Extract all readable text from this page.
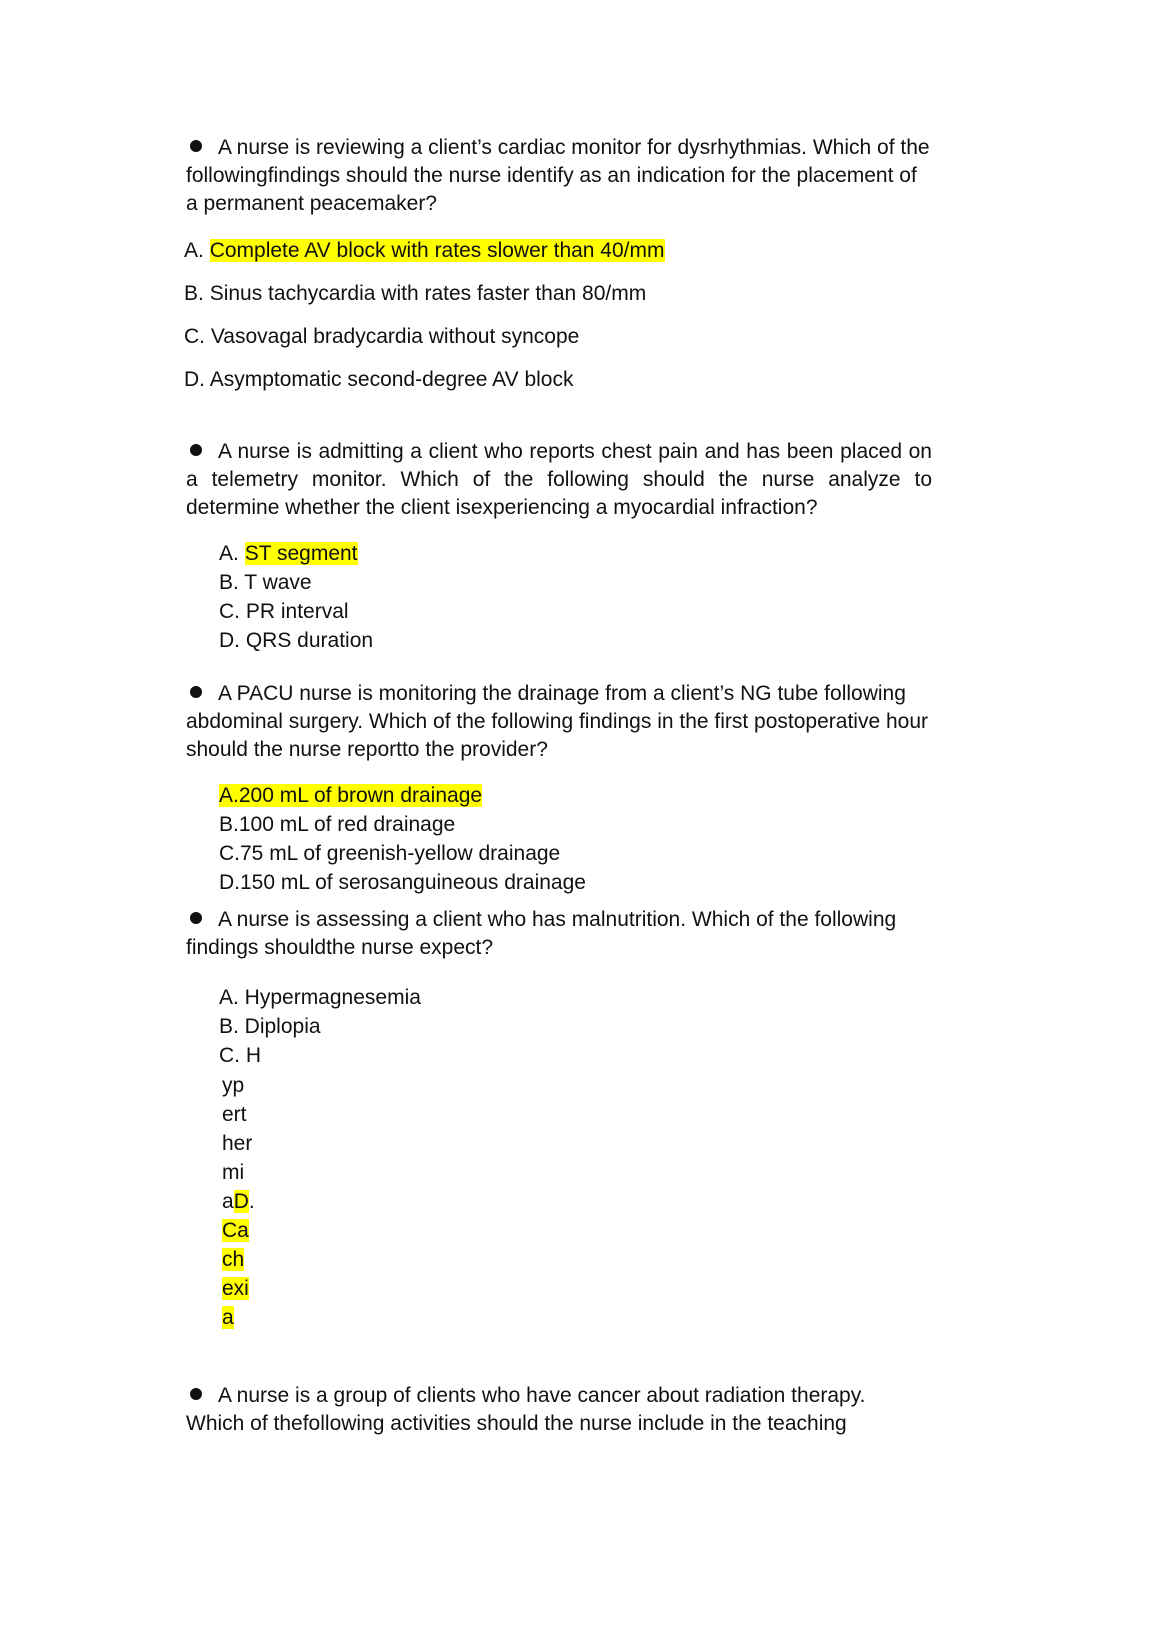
A nurse is reviewing a client’s cardiac monitor for dysrhythmias. Which of the followingfindings should the nurse identify as an indication for the placement of a permanent peacemaker?
A. Complete AV block with rates slower than 40/mm
B. Sinus tachycardia with rates faster than 80/mm
C. Vasovagal bradycardia without syncope
D. Asymptomatic second-degree AV block
A nurse is admitting a client who reports chest pain and has been placed on a telemetry monitor. Which of the following should the nurse analyze to determine whether the client isexperiencing a myocardial infraction?
A. ST segment
B. T wave
C. PR interval
D. QRS duration
A PACU nurse is monitoring the drainage from a client’s NG tube following abdominal surgery. Which of the following findings in the first postoperative hour should the nurse reportto the provider?
A.200 mL of brown drainage
B.100 mL of red drainage
C.75 mL of greenish-yellow drainage
D.150 mL of serosanguineous drainage
A nurse is assessing a client who has malnutrition. Which of the following findings shouldthe nurse expect?
A. Hypermagnesemia
B. Diplopia
C. H
yp
ert
her
mi
aD.
Ca
ch
exi
a
A nurse is a group of clients who have cancer about radiation therapy. Which of thefollowing activities should the nurse include in the teaching
